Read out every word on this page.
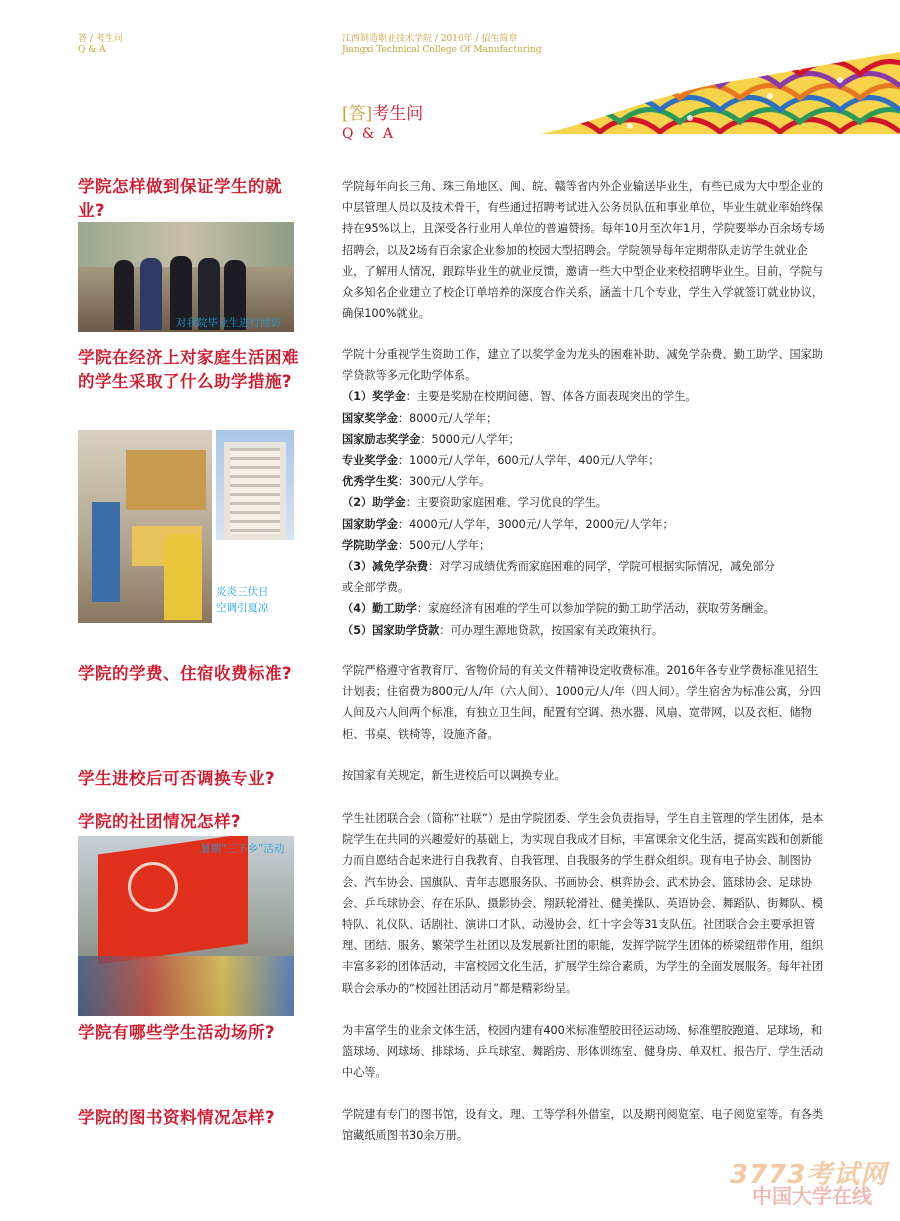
答 / 考生问
Q & A
江西制造职业技术学院 / 2016年 / 招生简章
Jiangxi Technical College Of Manufacturing
[答]考生问
Q & A
学院怎样做到保证学生的就业?
对我院毕业生进行回访

学院每年向长三角、珠三角地区、闽、皖、赣等省内外企业输送毕业生，有些已成为大中型企业的中层管理人员以及技术骨干，有些通过招聘考试进入公务员队伍和事业单位，毕业生就业率始终保持在95%以上，且深受各行业用人单位的普遍赞扬。每年10月至次年1月，学院要举办百余场专场招聘会，以及2场有百余家企业参加的校园大型招聘会。学院领导每年定期带队走访学生就业企业，了解用人情况，跟踪毕业生的就业反馈，邀请一些大中型企业来校招聘毕业生。目前，学院与众多知名企业建立了校企订单培养的深度合作关系，涵盖十几个专业，学生入学就签订就业协议，确保100%就业。

学院在经济上对家庭生活困难的学生采取了什么助学措施?
炎炎三伏日
空调引夏凉

学院十分重视学生资助工作，建立了以奖学金为龙头的困难补助、减免学杂费、勤工助学、国家助学贷款等多元化助学体系。

（1）奖学金：主要是奖励在校期间德、智、体各方面表现突出的学生。

国家奖学金：8000元/人学年；

国家励志奖学金：5000元/人学年；

专业奖学金：1000元/人学年，600元/人学年，400元/人学年；

优秀学生奖：300元/人学年。

（2）助学金：主要资助家庭困难、学习优良的学生。

国家助学金：4000元/人学年，3000元/人学年，2000元/人学年；

学院助学金：500元/人学年；

（3）减免学杂费：对学习成绩优秀而家庭困难的同学，学院可根据实际情况，减免部分

或全部学费。

（4）勤工助学：家庭经济有困难的学生可以参加学院的勤工助学活动，获取劳务酬金。

（5）国家助学贷款：可办理生源地贷款，按国家有关政策执行。

学院的学费、住宿收费标准?	学院严格遵守省教育厅、省物价局的有关文件精神设定收费标准。2016年各专业学费标准见招生计划表；住宿费为800元/人/年（六人间）、1000元/人/年（四人间）。学生宿舍为标准公寓，分四人间及六人间两个标准，有独立卫生间，配置有空调、热水器、风扇、宽带网，以及衣柜、储物柜、书桌、铁椅等，设施齐备。

学生进校后可否调换专业?	按国家有关规定，新生进校后可以调换专业。

学院的社团情况怎样?
暑期“三下乡”活动

学生社团联合会（简称“社联”）是由学院团委、学生会负责指导，学生自主管理的学生团体，是本院学生在共同的兴趣爱好的基础上，为实现自我成才目标，丰富课余文化生活，提高实践和创新能力而自愿结合起来进行自我教育、自我管理、自我服务的学生群众组织。现有电子协会、制图协会、汽车协会、国旗队、青年志愿服务队、书画协会、棋弈协会、武术协会、篮球协会、足球协会、乒乓球协会、存在乐队、摄影协会、翔跃轮滑社、健美操队、英语协会、舞蹈队、街舞队、模特队、礼仪队、话剧社、演讲口才队、动漫协会、红十字会等31支队伍。社团联合会主要承担管理、团结、服务、繁荣学生社团以及发展新社团的职能，发挥学院学生团体的桥梁纽带作用，组织丰富多彩的团体活动，丰富校园文化生活，扩展学生综合素质，为学生的全面发展服务。每年社团联合会承办的“校园社团活动月”都是精彩纷呈。

学院有哪些学生活动场所?	为丰富学生的业余文体生活，校园内建有400米标准塑胶田径运动场、标准塑胶跑道、足球场，和篮球场、网球场、排球场、乒乓球室、舞蹈房、形体训练室、健身房、单双杠、报告厅、学生活动中心等。

学院的图书资料情况怎样?	学院建有专门的图书馆，设有文、理、工等学科外借室，以及期刊阅览室、电子阅览室等。有各类馆藏纸质图书30余万册。

3773考试网
中国大学在线
